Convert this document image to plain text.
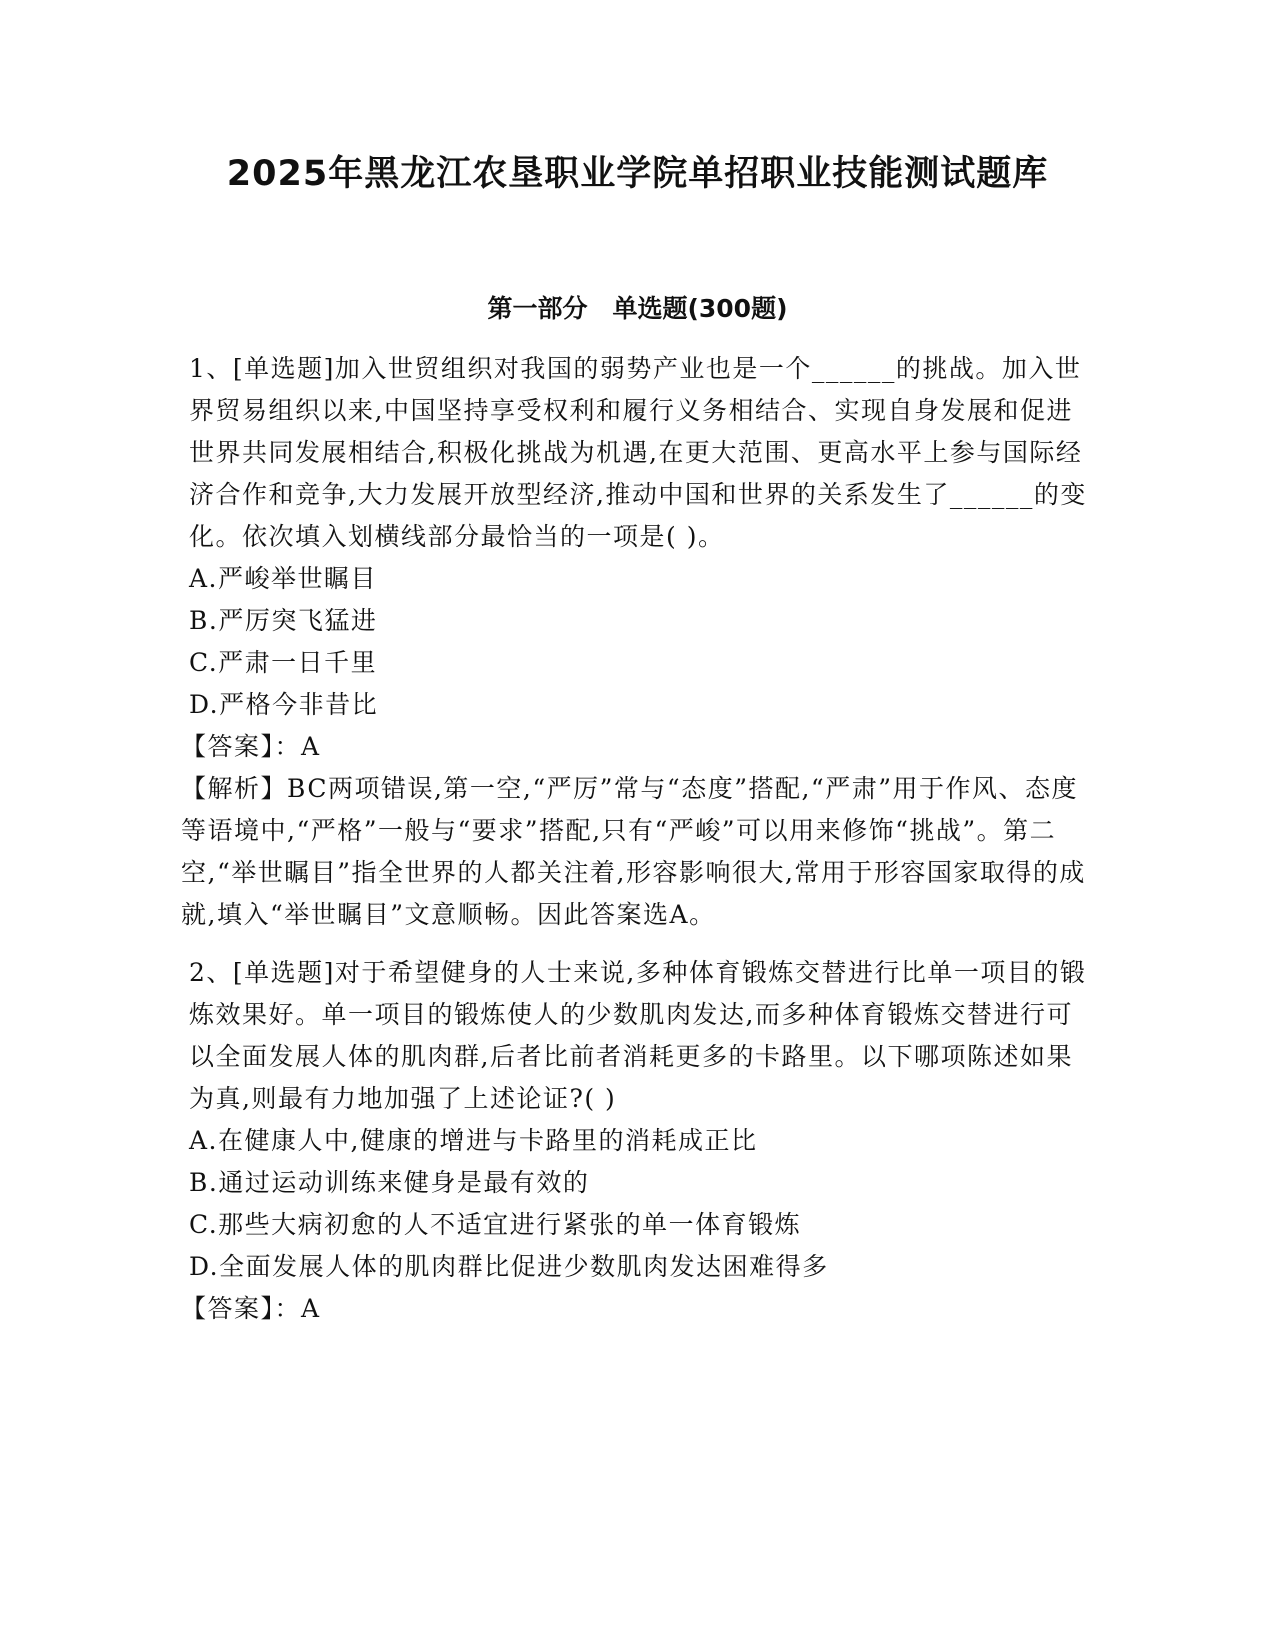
2025年黑龙江农垦职业学院单招职业技能测试题库
第一部分　单选题(300题)

1、[单选题]加入世贸组织对我国的弱势产业也是一个______的挑战。加入世界贸易组织以来,中国坚持享受权利和履行义务相结合、实现自身发展和促进世界共同发展相结合,积极化挑战为机遇,在更大范围、更高水平上参与国际经济合作和竞争,大力发展开放型经济,推动中国和世界的关系发生了______的变化。依次填入划横线部分最恰当的一项是( )。

A.严峻举世瞩目

B.严厉突飞猛进

C.严肃一日千里

D.严格今非昔比

【答案】：A

【解析】BC两项错误,第一空,“严厉”常与“态度”搭配,“严肃”用于作风、态度等语境中,“严格”一般与“要求”搭配,只有“严峻”可以用来修饰“挑战”。第二空,“举世瞩目”指全世界的人都关注着,形容影响很大,常用于形容国家取得的成就,填入“举世瞩目”文意顺畅。因此答案选A。

2、[单选题]对于希望健身的人士来说,多种体育锻炼交替进行比单一项目的锻炼效果好。单一项目的锻炼使人的少数肌肉发达,而多种体育锻炼交替进行可以全面发展人体的肌肉群,后者比前者消耗更多的卡路里。以下哪项陈述如果为真,则最有力地加强了上述论证?( )

A.在健康人中,健康的增进与卡路里的消耗成正比

B.通过运动训练来健身是最有效的

C.那些大病初愈的人不适宜进行紧张的单一体育锻炼

D.全面发展人体的肌肉群比促进少数肌肉发达困难得多

【答案】：A
